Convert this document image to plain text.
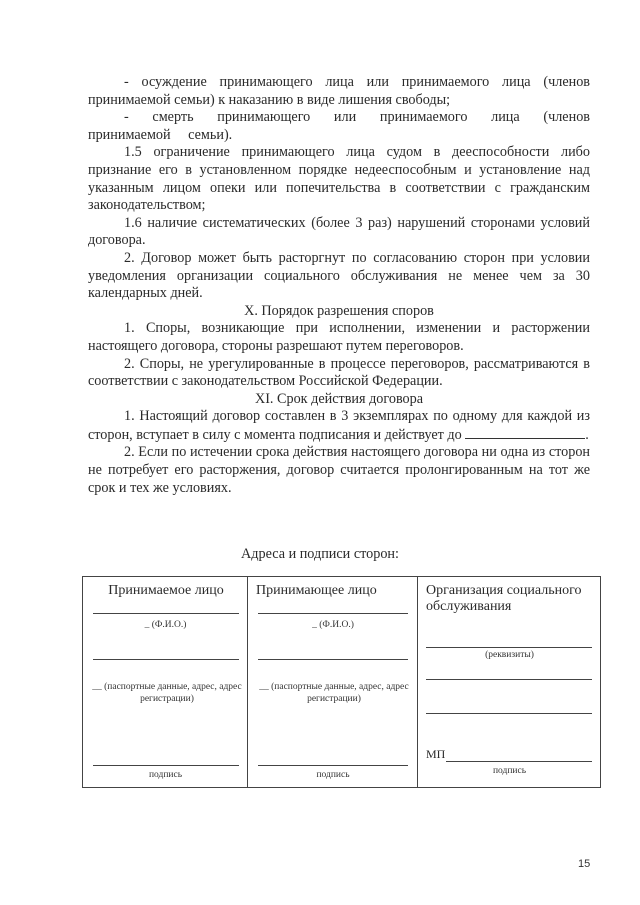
- осуждение принимающего лица или принимаемого лица (членов принимаемой семьи) к наказанию в виде лишения свободы;

- смерть принимающего или принимаемого лица (членов принимаемой семьи).

1.5 ограничение принимающего лица судом в дееспособности либо признание его в установленном порядке недееспособным и установление над указанным лицом опеки или попечительства в соответствии с гражданским законодательством;

1.6 наличие систематических (более 3 раз) нарушений сторонами условий договора.

2. Договор может быть расторгнут по согласованию сторон при условии уведомления организации социального обслуживания не менее чем за 30 календарных дней.

X. Порядок разрешения споров

1. Споры, возникающие при исполнении, изменении и расторжении настоящего договора, стороны разрешают путем переговоров.

2. Споры, не урегулированные в процессе переговоров, рассматриваются в соответствии с законодательством Российской Федерации.

XI. Срок действия договора

1. Настоящий договор составлен в 3 экземплярах по одному для каждой из сторон, вступает в силу с момента подписания и действует до	.

2. Если по истечении срока действия настоящего договора ни одна из сторон не потребует его расторжения, договор считается пролонгированным на тот же срок и тех же условиях.

Адреса и подписи сторон:
Принимаемое лицо
_ (Ф.И.О.)
__ (паспортные данные, адрес, адрес регистрации)
подпись

Принимающее лицо
_ (Ф.И.О.)
__ (паспортные данные, адрес, адрес регистрации)
подпись

Организация социального обслуживания
(реквизиты)
МП
подпись
15
